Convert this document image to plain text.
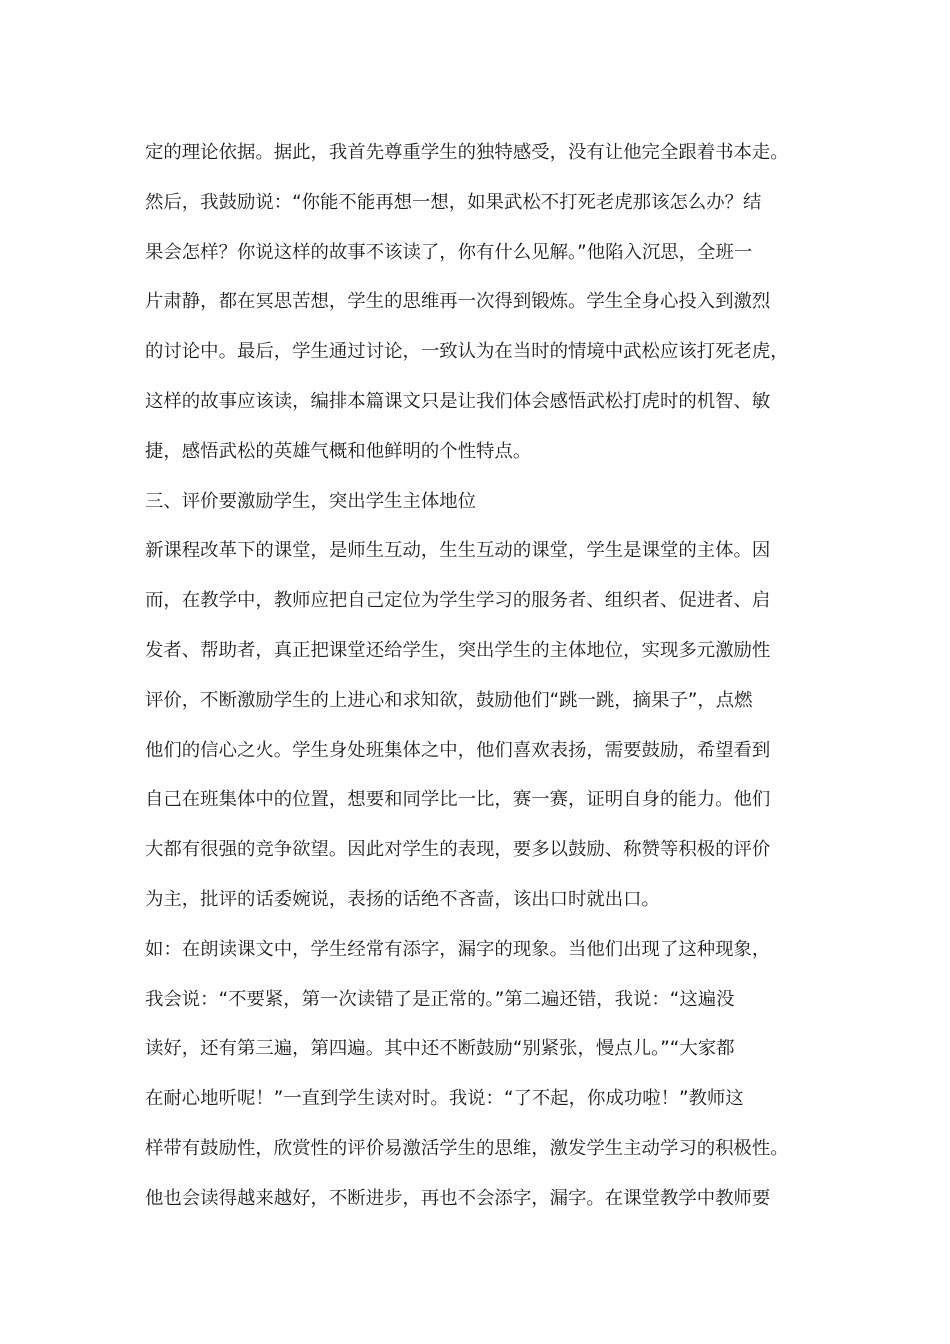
定的理论依据。据此，我首先尊重学生的独特感受，没有让他完全跟着书本走。
然后，我鼓励说：“你能不能再想一想，如果武松不打死老虎那该怎么办？结
果会怎样？你说这样的故事不该读了，你有什么见解。”他陷入沉思，全班一
片肃静，都在冥思苦想，学生的思维再一次得到锻炼。学生全身心投入到激烈
的讨论中。最后，学生通过讨论，一致认为在当时的情境中武松应该打死老虎，
这样的故事应该读，编排本篇课文只是让我们体会感悟武松打虎时的机智、敏
捷，感悟武松的英雄气概和他鲜明的个性特点。
三、评价要激励学生，突出学生主体地位
新课程改革下的课堂，是师生互动，生生互动的课堂，学生是课堂的主体。因
而，在教学中，教师应把自己定位为学生学习的服务者、组织者、促进者、启
发者、帮助者，真正把课堂还给学生，突出学生的主体地位，实现多元激励性
评价，不断激励学生的上进心和求知欲，鼓励他们“跳一跳，摘果子”，点燃
他们的信心之火。学生身处班集体之中，他们喜欢表扬，需要鼓励，希望看到
自己在班集体中的位置，想要和同学比一比，赛一赛，证明自身的能力。他们
大都有很强的竞争欲望。因此对学生的表现，要多以鼓励、称赞等积极的评价
为主，批评的话委婉说，表扬的话绝不吝啬，该出口时就出口。
如：在朗读课文中，学生经常有添字，漏字的现象。当他们出现了这种现象，
我会说：“不要紧，第一次读错了是正常的。”第二遍还错，我说：“这遍没
读好，还有第三遍，第四遍。其中还不断鼓励“别紧张，慢点儿。”“大家都
在耐心地听呢！”一直到学生读对时。我说：“了不起，你成功啦！”教师这
样带有鼓励性，欣赏性的评价易激活学生的思维，激发学生主动学习的积极性。
他也会读得越来越好，不断进步，再也不会添字，漏字。在课堂教学中教师要
